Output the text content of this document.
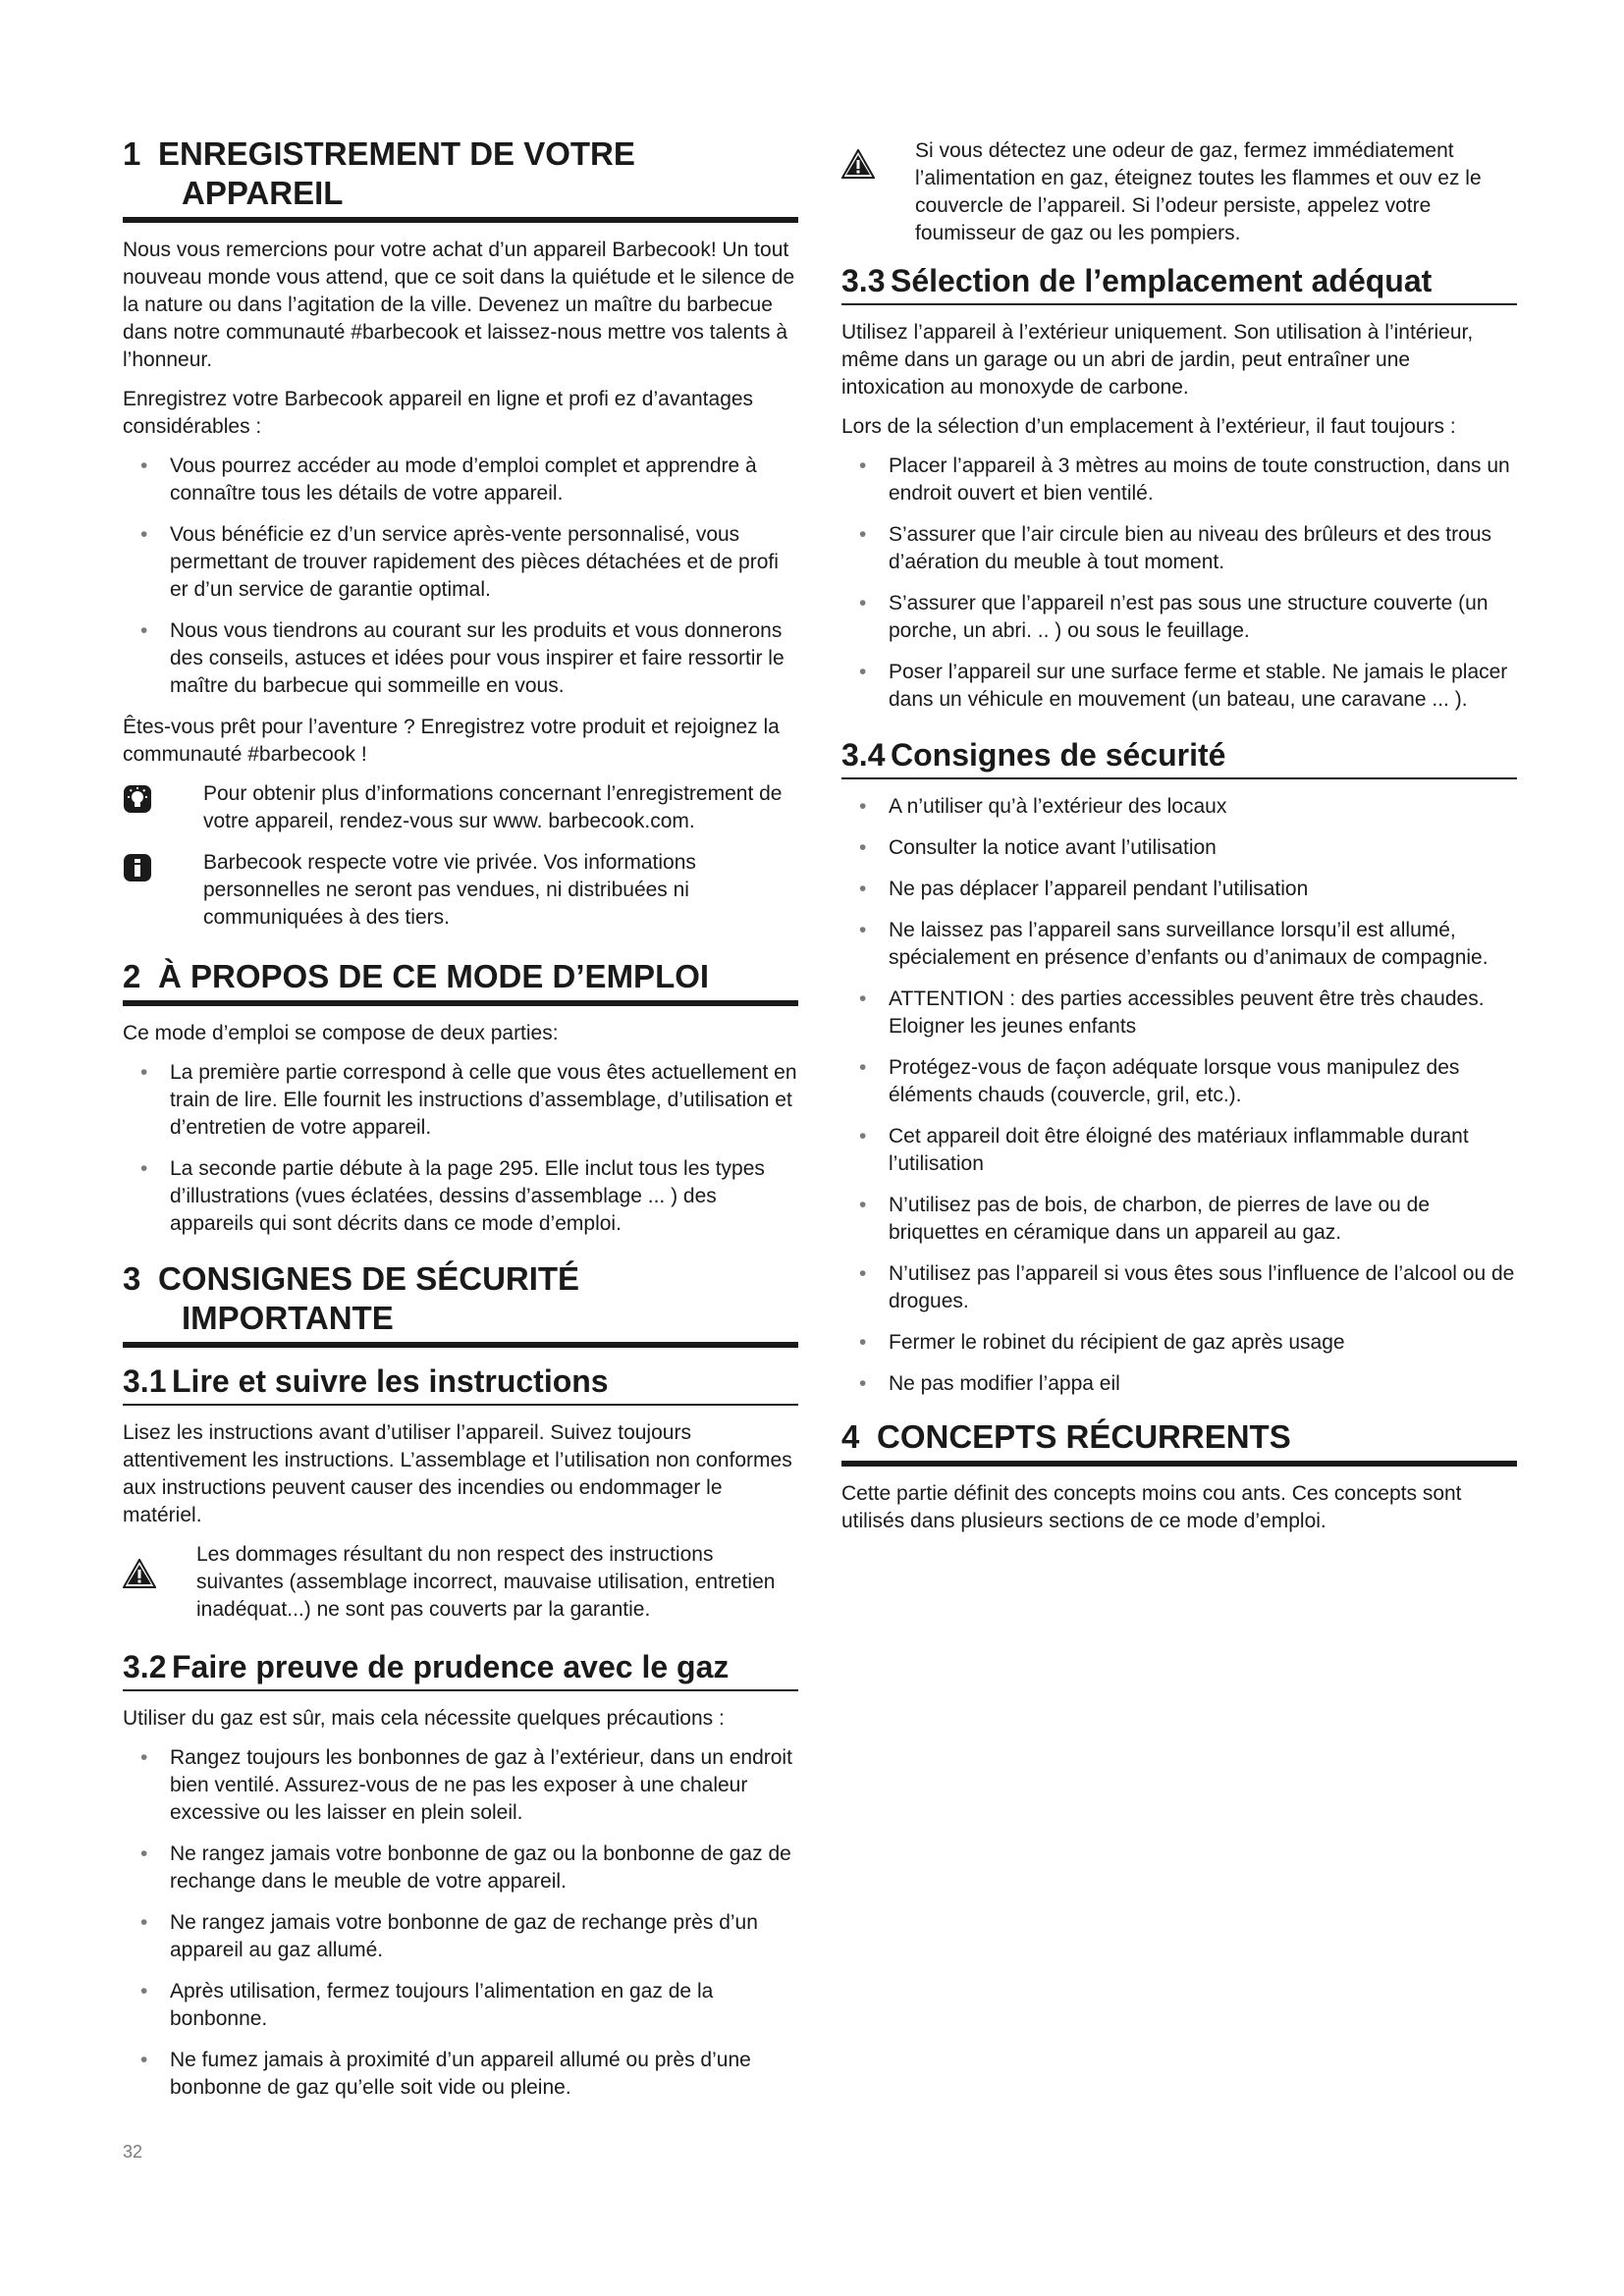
1 ENREGISTREMENT DE VOTRE
APPAREIL

Nous vous remercions pour votre achat d’un appareil Barbecook! Un tout nouveau monde vous attend, que ce soit dans la quiétude et le silence de la nature ou dans l’agitation de la ville. Devenez un maître du barbecue dans notre communauté #barbecook et laissez-nous mettre vos talents à l’honneur.

Enregistrez votre Barbecook appareil en ligne et profi ez d’avantages considérables :

• Vous pourrez accéder au mode d’emploi complet et apprendre à connaître tous les détails de votre appareil.
• Vous bénéficie ez d’un service après-vente personnalisé, vous permettant de trouver rapidement des pièces détachées et de profi er d’un service de garantie optimal.
• Nous vous tiendrons au courant sur les produits et vous donnerons des conseils, astuces et idées pour vous inspirer et faire ressortir le maître du barbecue qui sommeille en vous.

Êtes-vous prêt pour l’aventure ? Enregistrez votre produit et rejoignez la communauté #barbecook !

Pour obtenir plus d’informations concernant l’enregistrement de votre appareil, rendez-vous sur www. barbecook.com.

Barbecook respecte votre vie privée. Vos informations personnelles ne seront pas vendues, ni distribuées ni communiquées à des tiers.

2 À PROPOS DE CE MODE D’EMPLOI

Ce mode d’emploi se compose de deux parties:

• La première partie correspond à celle que vous êtes actuellement en train de lire. Elle fournit les instructions d’assemblage, d’utilisation et d’entretien de votre appareil.
• La seconde partie débute à la page 295. Elle inclut tous les types d’illustrations (vues éclatées, dessins d’assemblage ... ) des appareils qui sont décrits dans ce mode d’emploi.
3 CONSIGNES DE SÉCURITÉ
IMPORTANTE
3.1 Lire et suivre les instructions

Lisez les instructions avant d’utiliser l’appareil. Suivez toujours attentivement les instructions. L’assemblage et l’utilisation non conformes aux instructions peuvent causer des incendies ou endommager le matériel.

Les dommages résultant du non respect des instructions suivantes (assemblage incorrect, mauvaise utilisation, entretien inadéquat...) ne sont pas couverts par la garantie.

3.2 Faire preuve de prudence avec le gaz

Utiliser du gaz est sûr, mais cela nécessite quelques précautions :

• Rangez toujours les bonbonnes de gaz à l’extérieur, dans un endroit bien ventilé. Assurez-vous de ne pas les exposer à une chaleur excessive ou les laisser en plein soleil.
• Ne rangez jamais votre bonbonne de gaz ou la bonbonne de gaz de rechange dans le meuble de votre appareil.
• Ne rangez jamais votre bonbonne de gaz de rechange près d’un appareil au gaz allumé.
• Après utilisation, fermez toujours l’alimentation en gaz de la bonbonne.
• Ne fumez jamais à proximité d’un appareil allumé ou près d’une bonbonne de gaz qu’elle soit vide ou pleine.

Si vous détectez une odeur de gaz, fermez immédiatement l’alimentation en gaz, éteignez toutes les flammes et ouv ez le couvercle de l’appareil. Si l’odeur persiste, appelez votre foumisseur de gaz ou les pompiers.

3.3 Sélection de l’emplacement adéquat

Utilisez l’appareil à l’extérieur uniquement. Son utilisation à l’intérieur, même dans un garage ou un abri de jardin, peut entraîner une intoxication au monoxyde de carbone.

Lors de la sélection d’un emplacement à l’extérieur, il faut toujours :

• Placer l’appareil à 3 mètres au moins de toute construction, dans un endroit ouvert et bien ventilé.
• S’assurer que l’air circule bien au niveau des brûleurs et des trous d’aération du meuble à tout moment.
• S’assurer que l’appareil n’est pas sous une structure couverte (un porche, un abri. .. ) ou sous le feuillage.
• Poser l’appareil sur une surface ferme et stable. Ne jamais le placer dans un véhicule en mouvement (un bateau, une caravane ... ).
3.4 Consignes de sécurité
• A n’utiliser qu’à l’extérieur des locaux
• Consulter la notice avant l’utilisation
• Ne pas déplacer l’appareil pendant l’utilisation
• Ne laissez pas l’appareil sans surveillance lorsqu’il est allumé, spécialement en présence d’enfants ou d’animaux de compagnie.
• ATTENTION : des parties accessibles peuvent être très chaudes. Eloigner les jeunes enfants
• Protégez-vous de façon adéquate lorsque vous manipulez des éléments chauds (couvercle, gril, etc.).
• Cet appareil doit être éloigné des matériaux inflammable durant l’utilisation
• N’utilisez pas de bois, de charbon, de pierres de lave ou de briquettes en céramique dans un appareil au gaz.
• N’utilisez pas l’appareil si vous êtes sous l’influence de l’alcool ou de drogues.
• Fermer le robinet du récipient de gaz après usage
• Ne pas modifier l’appa eil
4 CONCEPTS RÉCURRENTS

Cette partie définit des concepts moins cou ants. Ces concepts sont utilisés dans plusieurs sections de ce mode d’emploi.

32
